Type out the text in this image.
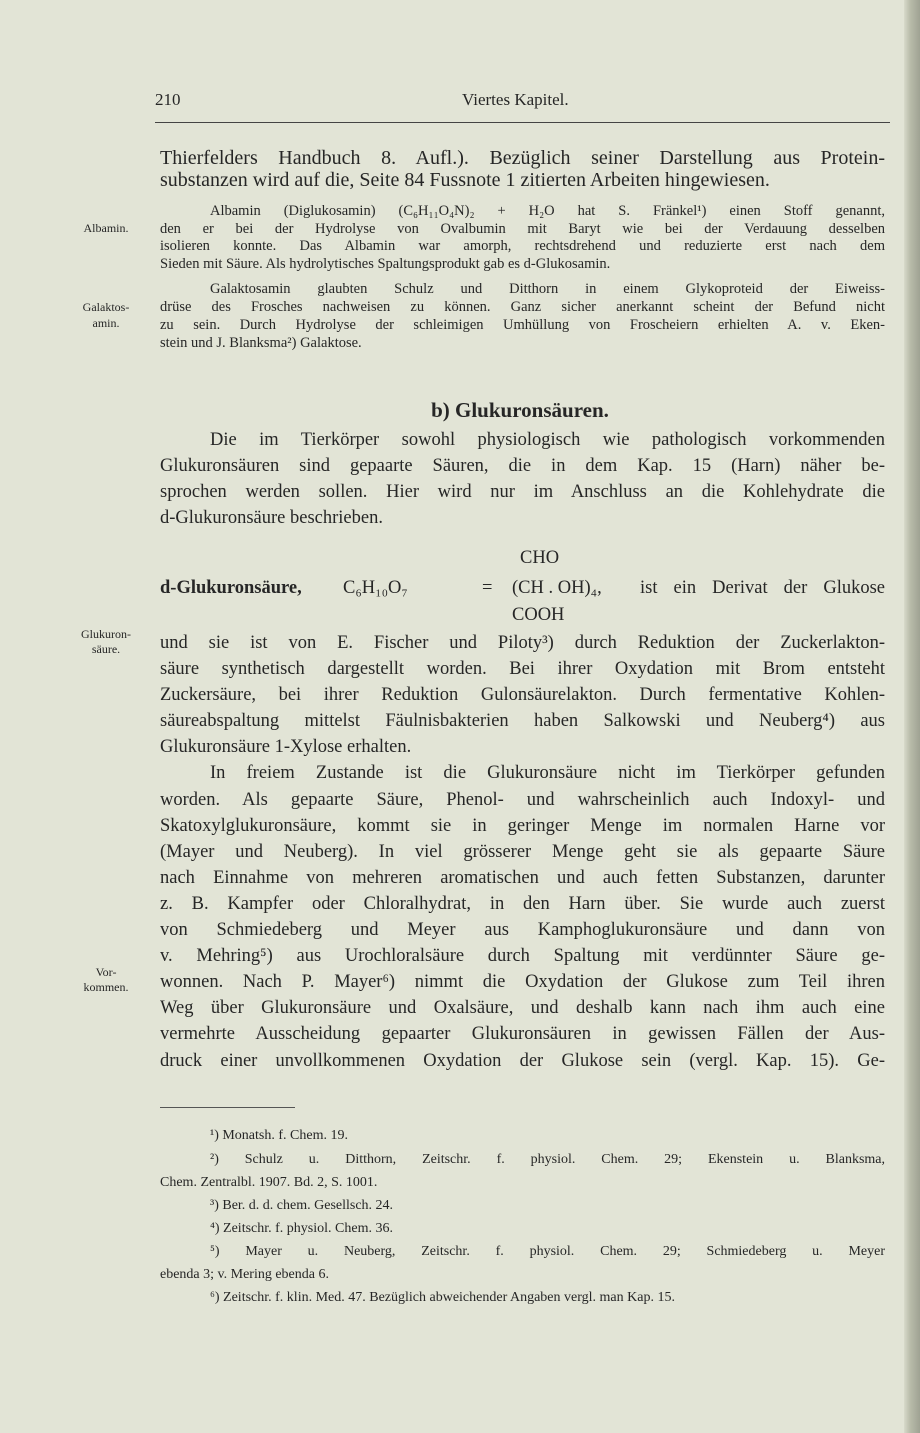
210	Viertes Kapitel.
Albamin.
Galaktos-
amin.
Glukuron-
säure.
Vor-
kommen.
b) Glukuronsäuren.
CHO
d-Glukuronsäure, C₆H₁₀O₇	= (CH . OH)₄, ist ein Derivat der Glukose
COOH
Thierfelders Handbuch 8. Aufl.). Bezüglich seiner Darstellung aus Protein-
substanzen wird auf die, Seite 84 Fussnote 1 zitierten Arbeiten hingewiesen.
Albamin (Diglukosamin) (C₆H₁₁O₄N)₂ + H₂O hat S. Fränkel¹) einen Stoff genannt,
den er bei der Hydrolyse von Ovalbumin mit Baryt wie bei der Verdauung desselben
isolieren konnte. Das Albamin war amorph, rechtsdrehend und reduzierte erst nach dem
Sieden mit Säure. Als hydrolytisches Spaltungsprodukt gab es d-Glukosamin.
Galaktosamin glaubten Schulz und Ditthorn in einem Glykoproteid der Eiweiss-
drüse des Frosches nachweisen zu können. Ganz sicher anerkannt scheint der Befund nicht
zu sein. Durch Hydrolyse der schleimigen Umhüllung von Froscheiern erhielten A. v. Eken-
stein und J. Blanksma²) Galaktose.
Die im Tierkörper sowohl physiologisch wie pathologisch vorkommenden
Glukuronsäuren sind gepaarte Säuren, die in dem Kap. 15 (Harn) näher be-
sprochen werden sollen. Hier wird nur im Anschluss an die Kohlehydrate die
d-Glukuronsäure beschrieben.
und sie ist von E. Fischer und Piloty³) durch Reduktion der Zuckerlakton-
säure synthetisch dargestellt worden. Bei ihrer Oxydation mit Brom entsteht
Zuckersäure, bei ihrer Reduktion Gulonsäurelakton. Durch fermentative Kohlen-
säureabspaltung mittelst Fäulnisbakterien haben Salkowski und Neuberg⁴) aus
Glukuronsäure 1-Xylose erhalten.
In freiem Zustande ist die Glukuronsäure nicht im Tierkörper gefunden
worden. Als gepaarte Säure, Phenol- und wahrscheinlich auch Indoxyl- und
Skatoxylglukuronsäure, kommt sie in geringer Menge im normalen Harne vor
(Mayer und Neuberg). In viel grösserer Menge geht sie als gepaarte Säure
nach Einnahme von mehreren aromatischen und auch fetten Substanzen, darunter
z. B. Kampfer oder Chloralhydrat, in den Harn über. Sie wurde auch zuerst
von Schmiedeberg und Meyer aus Kamphoglukuronsäure und dann von
v. Mehring⁵) aus Urochloralsäure durch Spaltung mit verdünnter Säure ge-
wonnen. Nach P. Mayer⁶) nimmt die Oxydation der Glukose zum Teil ihren
Weg über Glukuronsäure und Oxalsäure, und deshalb kann nach ihm auch eine
vermehrte Ausscheidung gepaarter Glukuronsäuren in gewissen Fällen der Aus-
druck einer unvollkommenen Oxydation der Glukose sein (vergl. Kap. 15). Ge-
¹) Monatsh. f. Chem. 19.
²) Schulz u. Ditthorn, Zeitschr. f. physiol. Chem. 29; Ekenstein u. Blanksma,
Chem. Zentralbl. 1907. Bd. 2, S. 1001.
³) Ber. d. d. chem. Gesellsch. 24.
⁴) Zeitschr. f. physiol. Chem. 36.
⁵) Mayer u. Neuberg, Zeitschr. f. physiol. Chem. 29; Schmiedeberg u. Meyer
ebenda 3; v. Mering ebenda 6.
⁶) Zeitschr. f. klin. Med. 47. Bezüglich abweichender Angaben vergl. man Kap. 15.
